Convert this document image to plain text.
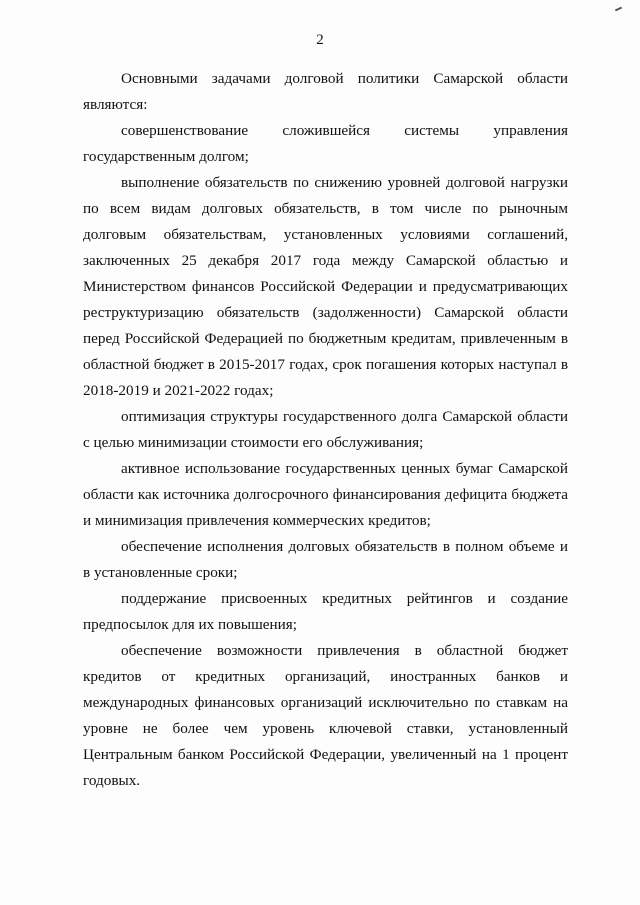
2

Основными задачами долговой политики Самарской области являются:

совершенствование сложившейся системы управления государственным долгом;

выполнение обязательств по снижению уровней долговой нагрузки по всем видам долговых обязательств, в том числе по рыночным долговым обязательствам, установленных условиями соглашений, заключенных 25 декабря 2017 года между Самарской областью и Министерством финансов Российской Федерации и предусматривающих реструктуризацию обязательств (задолженности) Самарской области перед Российской Федерацией по бюджетным кредитам, привлеченным в областной бюджет в 2015-2017 годах, срок погашения которых наступал в 2018-2019 и 2021-2022 годах;

оптимизация структуры государственного долга Самарской области с целью минимизации стоимости его обслуживания;

активное использование государственных ценных бумаг Самарской области как источника долгосрочного финансирования дефицита бюджета и минимизация привлечения коммерческих кредитов;

обеспечение исполнения долговых обязательств в полном объеме и в установленные сроки;

поддержание присвоенных кредитных рейтингов и создание предпосылок для их повышения;

обеспечение возможности привлечения в областной бюджет кредитов от кредитных организаций, иностранных банков и международных финансовых организаций исключительно по ставкам на уровне не более чем уровень ключевой ставки, установленный Центральным банком Российской Федерации, увеличенный на 1 процент годовых.
